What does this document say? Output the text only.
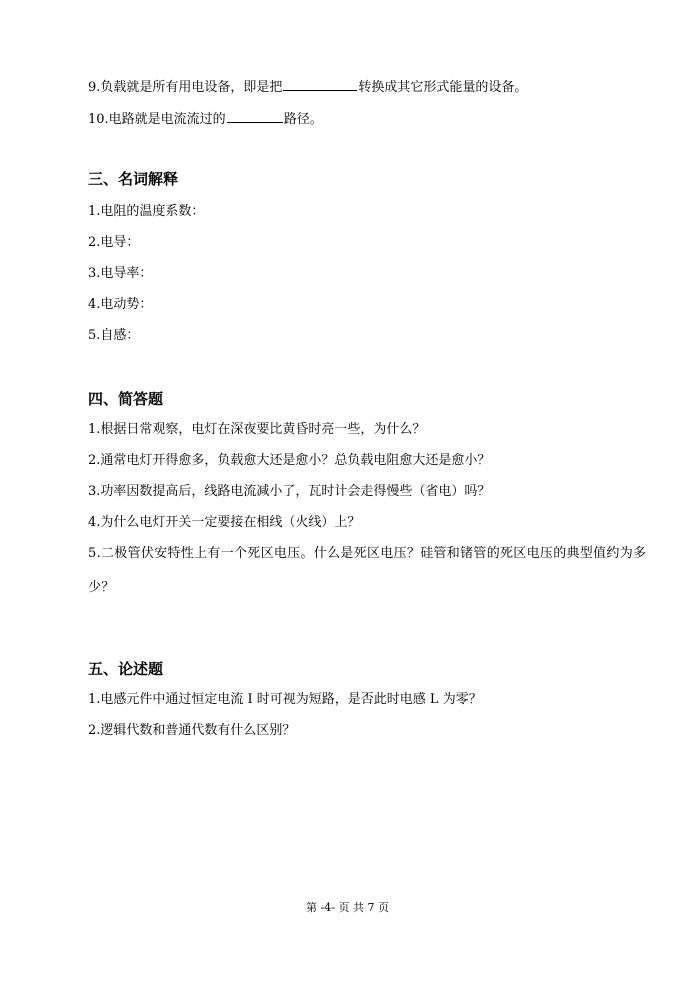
9.负载就是所有用电设备，即是把	转换成其它形式能量的设备。

10.电路就是电流流过的	路径。

三、名词解释

1.电阻的温度系数：

2.电导：

3.电导率：

4.电动势：

5.自感：

四、简答题

1.根据日常观察，电灯在深夜要比黄昏时亮一些，为什么？

2.通常电灯开得愈多，负载愈大还是愈小？总负载电阻愈大还是愈小？

3.功率因数提高后，线路电流减小了，瓦时计会走得慢些（省电）吗？

4.为什么电灯开关一定要接在相线（火线）上？

5.二极管伏安特性上有一个死区电压。什么是死区电压？硅管和锗管的死区电压的典型值约为多少？

五、论述题

1.电感元件中通过恒定电流 I 时可视为短路，是否此时电感 L 为零？

2.逻辑代数和普通代数有什么区别？

第 -4- 页 共 7 页
